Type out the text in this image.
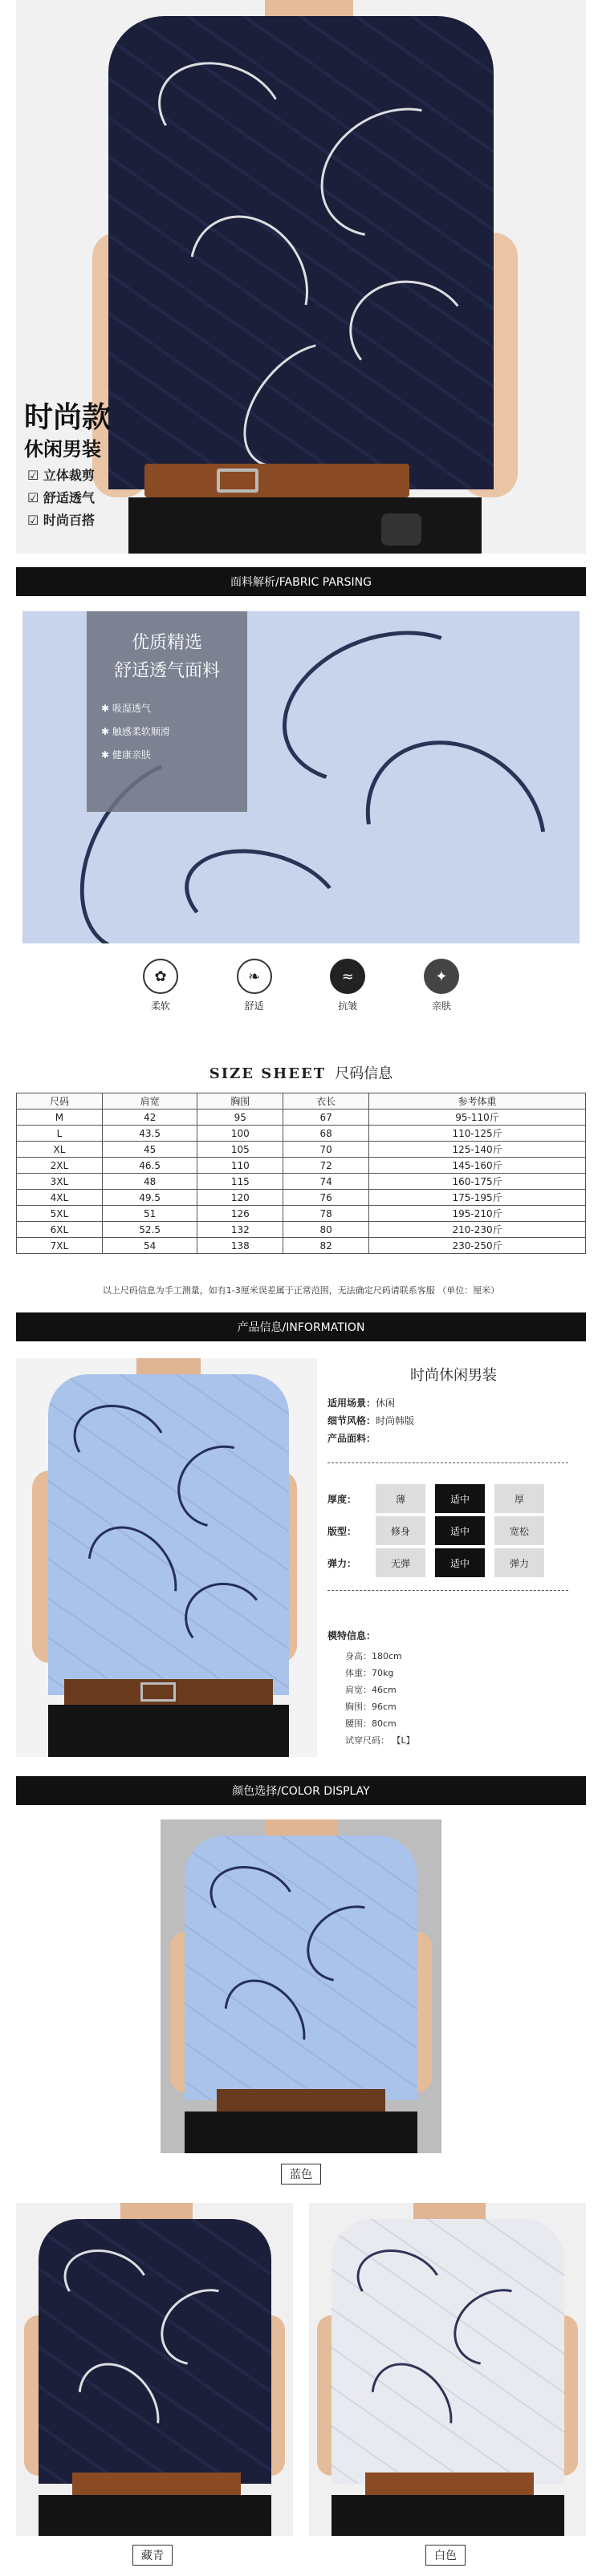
时尚款
休闲男装
☑ 立体裁剪
☑ 舒适透气
☑ 时尚百搭
面料解析/FABRIC PARSING
优质精选
舒适透气面料
✱ 吸湿透气
✱ 触感柔软顺滑
✱ 健康亲肤
✿
柔软
❧
舒适
≈
抗皱
✦
亲肤
SIZE SHEET 尺码信息
尺码	肩宽	胸围	衣长	参考体重
M	42	95	67	95-110斤
L	43.5	100	68	110-125斤
XL	45	105	70	125-140斤
2XL	46.5	110	72	145-160斤
3XL	48	115	74	160-175斤
4XL	49.5	120	76	175-195斤
5XL	51	126	78	195-210斤
6XL	52.5	132	80	210-230斤
7XL	54	138	82	230-250斤
以上尺码信息为手工测量，如有1-3厘米误差属于正常范围，无法确定尺码请联系客服 （单位：厘米）
产品信息/INFORMATION
时尚休闲男装
适用场景：休闲
细节风格：时尚韩版
产品面料：
厚度：	薄	适中	厚
版型：	修身	适中	宽松
弹力：	无弹	适中	弹力
模特信息：
身高：180cm
体重：70kg
肩宽：46cm
胸围：96cm
腰围：80cm
试穿尺码： 【L】
颜色选择/COLOR DISPLAY
蓝色
藏青	白色
